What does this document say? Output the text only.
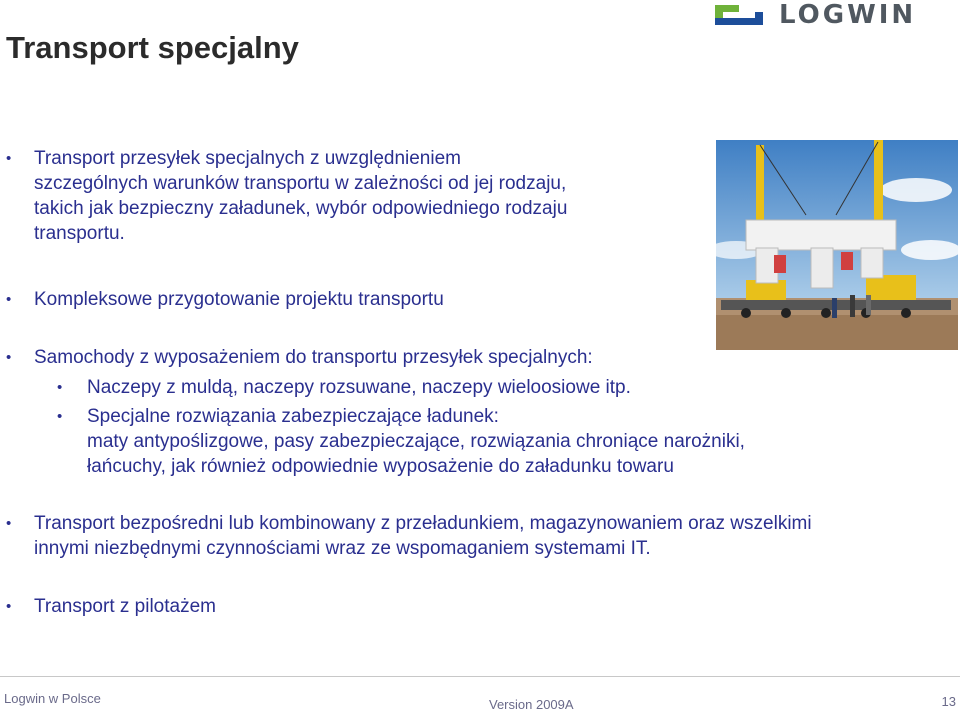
LOGWIN
Transport specjalny
• Transport przesyłek specjalnych z uwzględnieniem
szczególnych warunków transportu w zależności od jej rodzaju,
takich jak bezpieczny załadunek, wybór odpowiedniego rodzaju
transportu.
• Kompleksowe przygotowanie projektu transportu
• Samochody z wyposażeniem do transportu przesyłek specjalnych:
• Naczepy z muldą, naczepy rozsuwane, naczepy wieloosiowe itp.
• Specjalne rozwiązania zabezpieczające ładunek:
maty antypoślizgowe, pasy zabezpieczające, rozwiązania chroniące narożniki,
łańcuchy, jak również odpowiednie wyposażenie do załadunku towaru
• Transport bezpośredni lub kombinowany z przeładunkiem, magazynowaniem oraz wszelkimi
innymi niezbędnymi czynnościami wraz ze wspomaganiem systemami IT.
• Transport z pilotażem
Logwin w Polsce	Version 2009A	13
